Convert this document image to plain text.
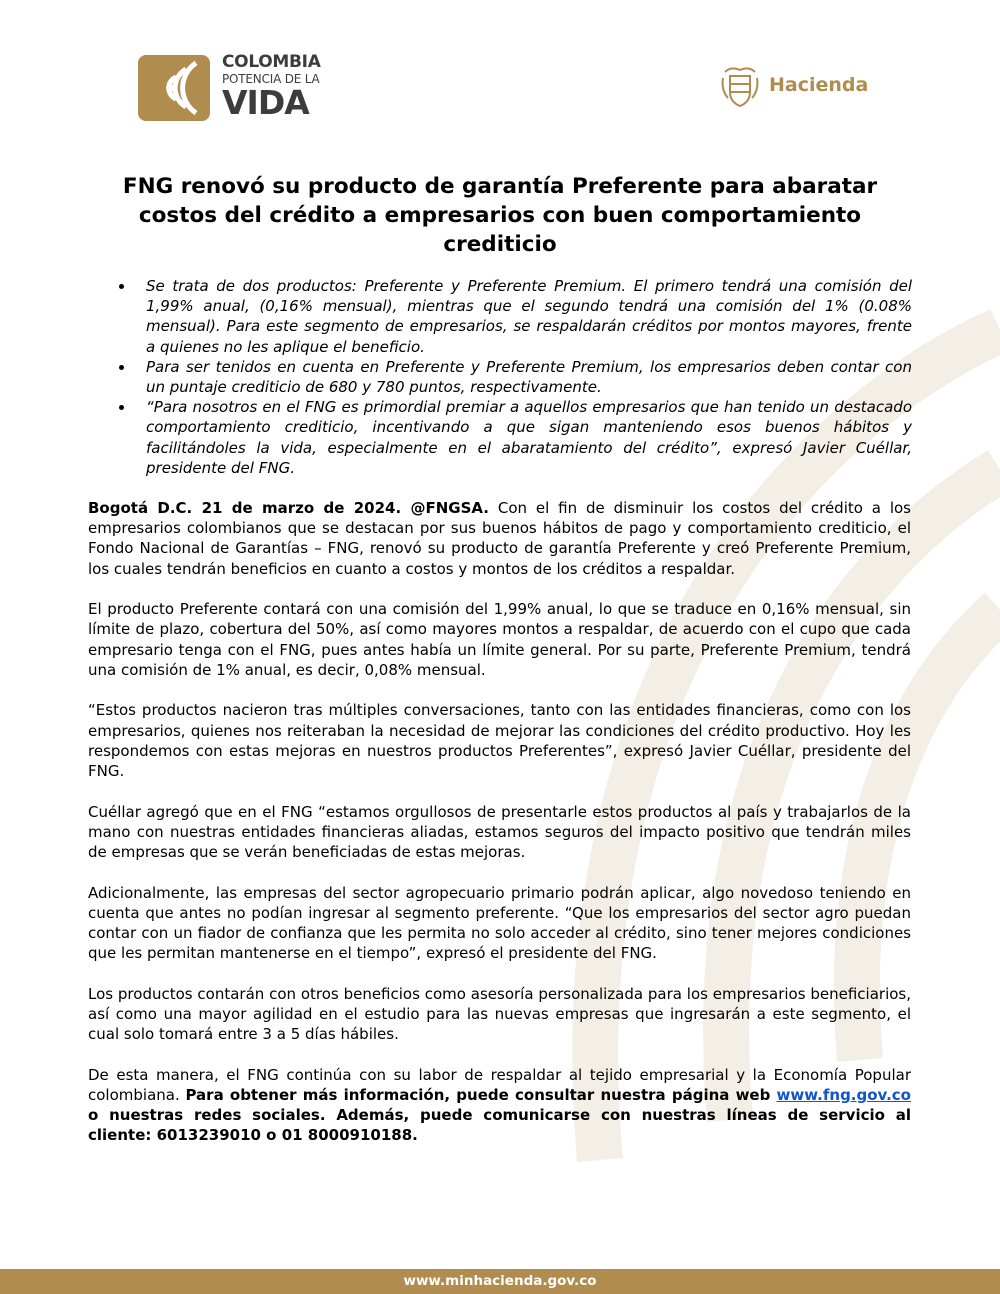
COLOMBIA
POTENCIA DE LA
VIDA	Hacienda
FNG renovó su producto de garantía Preferente para abaratar costos del crédito a empresarios con buen comportamiento crediticio
Se trata de dos productos: Preferente y Preferente Premium. El primero tendrá una comisión del 1,99% anual, (0,16% mensual), mientras que el segundo tendrá una comisión del 1% (0.08% mensual). Para este segmento de empresarios, se respaldarán créditos por montos mayores, frente a quienes no les aplique el beneficio.
Para ser tenidos en cuenta en Preferente y Preferente Premium, los empresarios deben contar con un puntaje crediticio de 680 y 780 puntos, respectivamente.
“Para nosotros en el FNG es primordial premiar a aquellos empresarios que han tenido un destacado comportamiento crediticio, incentivando a que sigan manteniendo esos buenos hábitos y facilitándoles la vida, especialmente en el abaratamiento del crédito”, expresó Javier Cuéllar, presidente del FNG.

Bogotá D.C. 21 de marzo de 2024. @FNGSA. Con el fin de disminuir los costos del crédito a los empresarios colombianos que se destacan por sus buenos hábitos de pago y comportamiento crediticio, el Fondo Nacional de Garantías – FNG, renovó su producto de garantía Preferente y creó Preferente Premium, los cuales tendrán beneficios en cuanto a costos y montos de los créditos a respaldar.

El producto Preferente contará con una comisión del 1,99% anual, lo que se traduce en 0,16% mensual, sin límite de plazo, cobertura del 50%, así como mayores montos a respaldar, de acuerdo con el cupo que cada empresario tenga con el FNG, pues antes había un límite general. Por su parte, Preferente Premium, tendrá una comisión de 1% anual, es decir, 0,08% mensual.

“Estos productos nacieron tras múltiples conversaciones, tanto con las entidades financieras, como con los empresarios, quienes nos reiteraban la necesidad de mejorar las condiciones del crédito productivo. Hoy les respondemos con estas mejoras en nuestros productos Preferentes”, expresó Javier Cuéllar, presidente del FNG.

Cuéllar agregó que en el FNG “estamos orgullosos de presentarle estos productos al país y trabajarlos de la mano con nuestras entidades financieras aliadas, estamos seguros del impacto positivo que tendrán miles de empresas que se verán beneficiadas de estas mejoras.

Adicionalmente, las empresas del sector agropecuario primario podrán aplicar, algo novedoso teniendo en cuenta que antes no podían ingresar al segmento preferente. “Que los empresarios del sector agro puedan contar con un fiador de confianza que les permita no solo acceder al crédito, sino tener mejores condiciones que les permitan mantenerse en el tiempo”, expresó el presidente del FNG.

Los productos contarán con otros beneficios como asesoría personalizada para los empresarios beneficiarios, así como una mayor agilidad en el estudio para las nuevas empresas que ingresarán a este segmento, el cual solo tomará entre 3 a 5 días hábiles.

De esta manera, el FNG continúa con su labor de respaldar al tejido empresarial y la Economía Popular colombiana. Para obtener más información, puede consultar nuestra página web www.fng.gov.co o nuestras redes sociales. Además, puede comunicarse con nuestras líneas de servicio al cliente: 6013239010 o 01 8000910188.

www.minhacienda.gov.co
